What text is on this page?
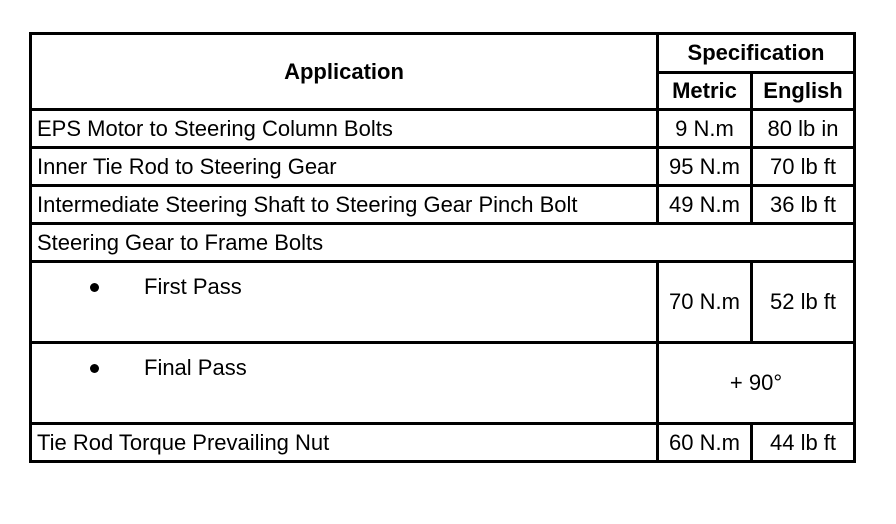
Application	Specification	
	Metric	English
EPS Motor to Steering Column Bolts	9 N.m	80 lb in
Inner Tie Rod to Steering Gear	95 N.m	70 lb ft
Intermediate Steering Shaft to Steering Gear Pinch Bolt	49 N.m	36 lb ft
Steering Gear to Frame Bolts		

First Pass	70 N.m	52 lb ft

Final Pass	+ 90°	
Tie Rod Torque Prevailing Nut	60 N.m	44 lb ft
